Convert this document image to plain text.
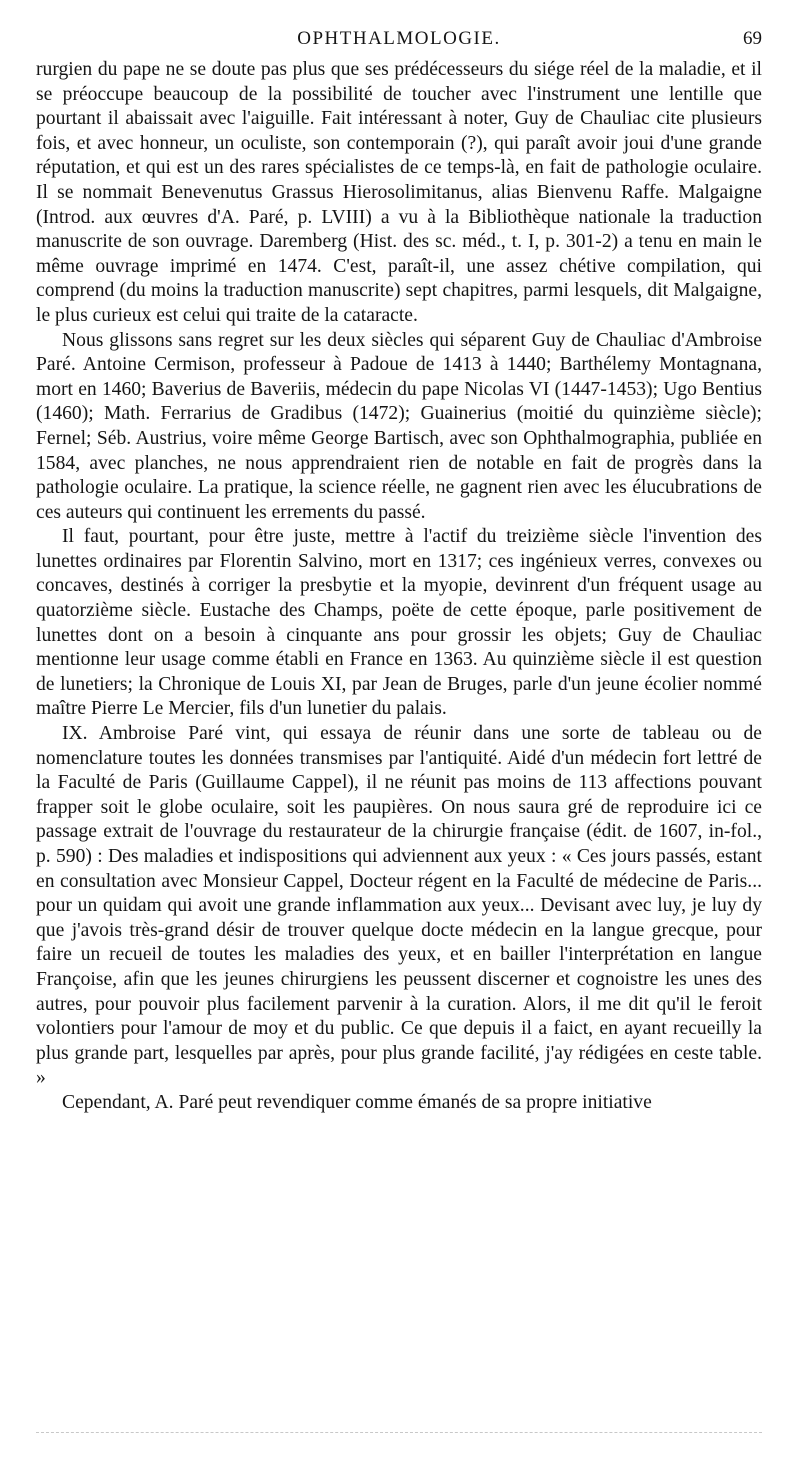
OPHTHALMOLOGIE.	69

rurgien du pape ne se doute pas plus que ses prédécesseurs du siége réel de la maladie, et il se préoccupe beaucoup de la possibilité de toucher avec l'instrument une lentille que pourtant il abaissait avec l'aiguille. Fait intéressant à noter, Guy de Chauliac cite plusieurs fois, et avec honneur, un oculiste, son contemporain (?), qui paraît avoir joui d'une grande réputation, et qui est un des rares spécialistes de ce temps-là, en fait de pathologie oculaire. Il se nommait Benevenutus Grassus Hierosolimitanus, alias Bienvenu Raffe. Malgaigne (Introd. aux œuvres d'A. Paré, p. LVIII) a vu à la Bibliothèque nationale la traduction manuscrite de son ouvrage. Daremberg (Hist. des sc. méd., t. I, p. 301-2) a tenu en main le même ouvrage imprimé en 1474. C'est, paraît-il, une assez chétive compilation, qui comprend (du moins la traduction manuscrite) sept chapitres, parmi lesquels, dit Malgaigne, le plus curieux est celui qui traite de la cataracte.

Nous glissons sans regret sur les deux siècles qui séparent Guy de Chauliac d'Ambroise Paré. Antoine Cermison, professeur à Padoue de 1413 à 1440; Barthélemy Montagnana, mort en 1460; Baverius de Baveriis, médecin du pape Nicolas VI (1447-1453); Ugo Bentius (1460); Math. Ferrarius de Gradibus (1472); Guainerius (moitié du quinzième siècle); Fernel; Séb. Austrius, voire même George Bartisch, avec son Ophthalmographia, publiée en 1584, avec planches, ne nous apprendraient rien de notable en fait de progrès dans la pathologie oculaire. La pratique, la science réelle, ne gagnent rien avec les élucubrations de ces auteurs qui continuent les errements du passé.

Il faut, pourtant, pour être juste, mettre à l'actif du treizième siècle l'invention des lunettes ordinaires par Florentin Salvino, mort en 1317; ces ingénieux verres, convexes ou concaves, destinés à corriger la presbytie et la myopie, devinrent d'un fréquent usage au quatorzième siècle. Eustache des Champs, poëte de cette époque, parle positivement de lunettes dont on a besoin à cinquante ans pour grossir les objets; Guy de Chauliac mentionne leur usage comme établi en France en 1363. Au quinzième siècle il est question de lunetiers; la Chronique de Louis XI, par Jean de Bruges, parle d'un jeune écolier nommé maître Pierre Le Mercier, fils d'un lunetier du palais.

IX. Ambroise Paré vint, qui essaya de réunir dans une sorte de tableau ou de nomenclature toutes les données transmises par l'antiquité. Aidé d'un médecin fort lettré de la Faculté de Paris (Guillaume Cappel), il ne réunit pas moins de 113 affections pouvant frapper soit le globe oculaire, soit les paupières. On nous saura gré de reproduire ici ce passage extrait de l'ouvrage du restaurateur de la chirurgie française (édit. de 1607, in-fol., p. 590) : Des maladies et indispositions qui adviennent aux yeux : « Ces jours passés, estant en consultation avec Monsieur Cappel, Docteur régent en la Faculté de médecine de Paris... pour un quidam qui avoit une grande inflammation aux yeux... Devisant avec luy, je luy dy que j'avois très-grand désir de trouver quelque docte médecin en la langue grecque, pour faire un recueil de toutes les maladies des yeux, et en bailler l'interprétation en langue Françoise, afin que les jeunes chirurgiens les peussent discerner et cognoistre les unes des autres, pour pouvoir plus facilement parvenir à la curation. Alors, il me dit qu'il le feroit volontiers pour l'amour de moy et du public. Ce que depuis il a faict, en ayant recueilly la plus grande part, lesquelles par après, pour plus grande facilité, j'ay rédigées en ceste table. »

Cependant, A. Paré peut revendiquer comme émanés de sa propre initiative
